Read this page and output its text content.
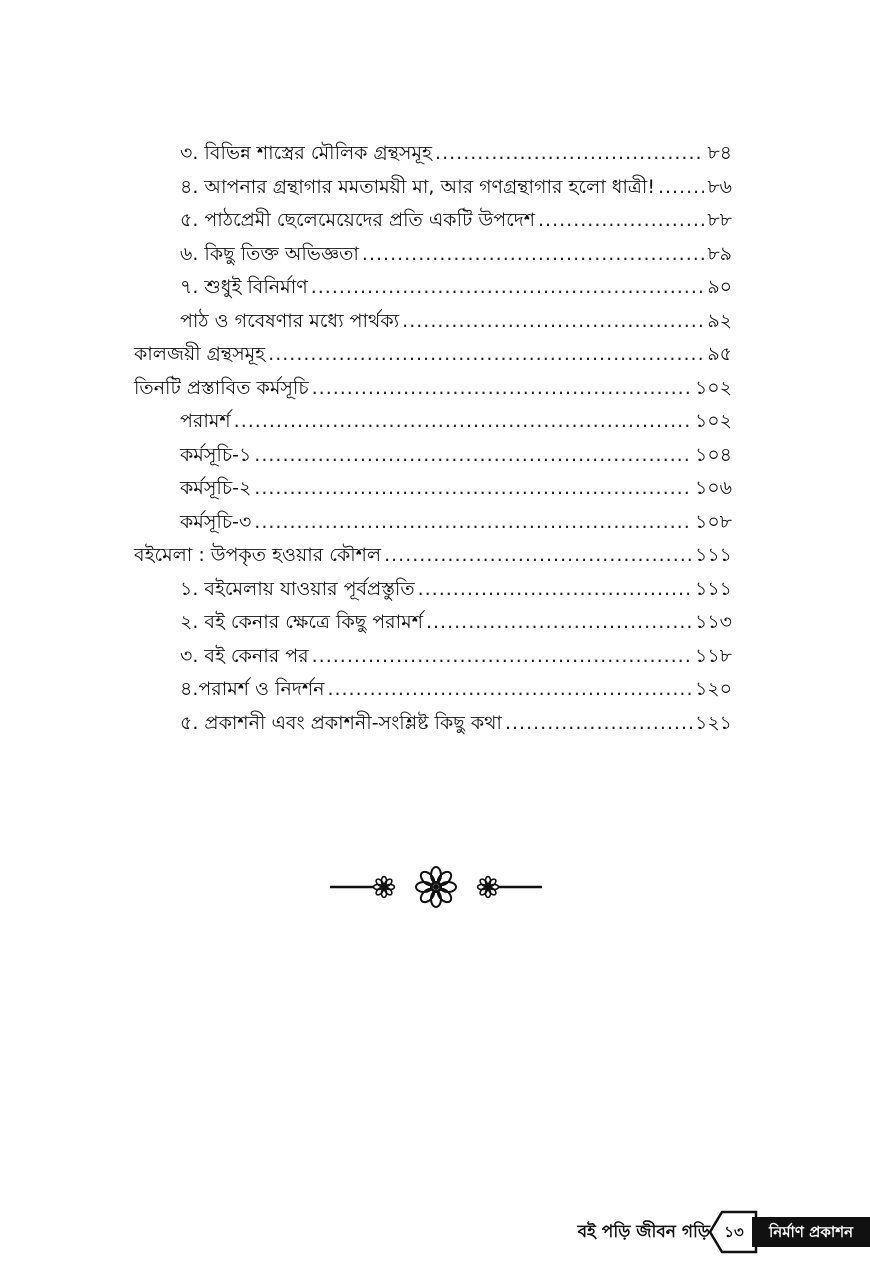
৩. বিভিন্ন শাস্ত্রের মৌলিক গ্রন্থসমূহ .....	৮৪
৪. আপনার গ্রন্থাগার মমতাময়ী মা, আর গণগ্রন্থাগার হলো ধাত্রী! .....	৮৬
৫. পাঠপ্রেমী ছেলেমেয়েদের প্রতি একটি উপদেশ .....	৮৮
৬. কিছু তিক্ত অভিজ্ঞতা .....	৮৯
৭. শুধুই বিনির্মাণ .....	৯০
পাঠ ও গবেষণার মধ্যে পার্থক্য .....	৯২
কালজয়ী গ্রন্থসমূহ .....	৯৫
তিনটি প্রস্তাবিত কর্মসূচি .....	১০২
পরামর্শ .....	১০২
কর্মসূচি-১ .....	১০৪
কর্মসূচি-২ .....	১০৬
কর্মসূচি-৩ .....	১০৮
বইমেলা : উপকৃত হওয়ার কৌশল .....	১১১
১. বইমেলায় যাওয়ার পূর্বপ্রস্তুতি .....	১১১
২. বই কেনার ক্ষেত্রে কিছু পরামর্শ .....	১১৩
৩. বই কেনার পর .....	১১৮
৪.পরামর্শ ও নিদর্শন .....	১২০
৫. প্রকাশনী এবং প্রকাশনী-সংশ্লিষ্ট কিছু কথা .....	১২১
বই পড়ি জীবন গড়ি ১৩	নির্মাণ প্রকাশন
